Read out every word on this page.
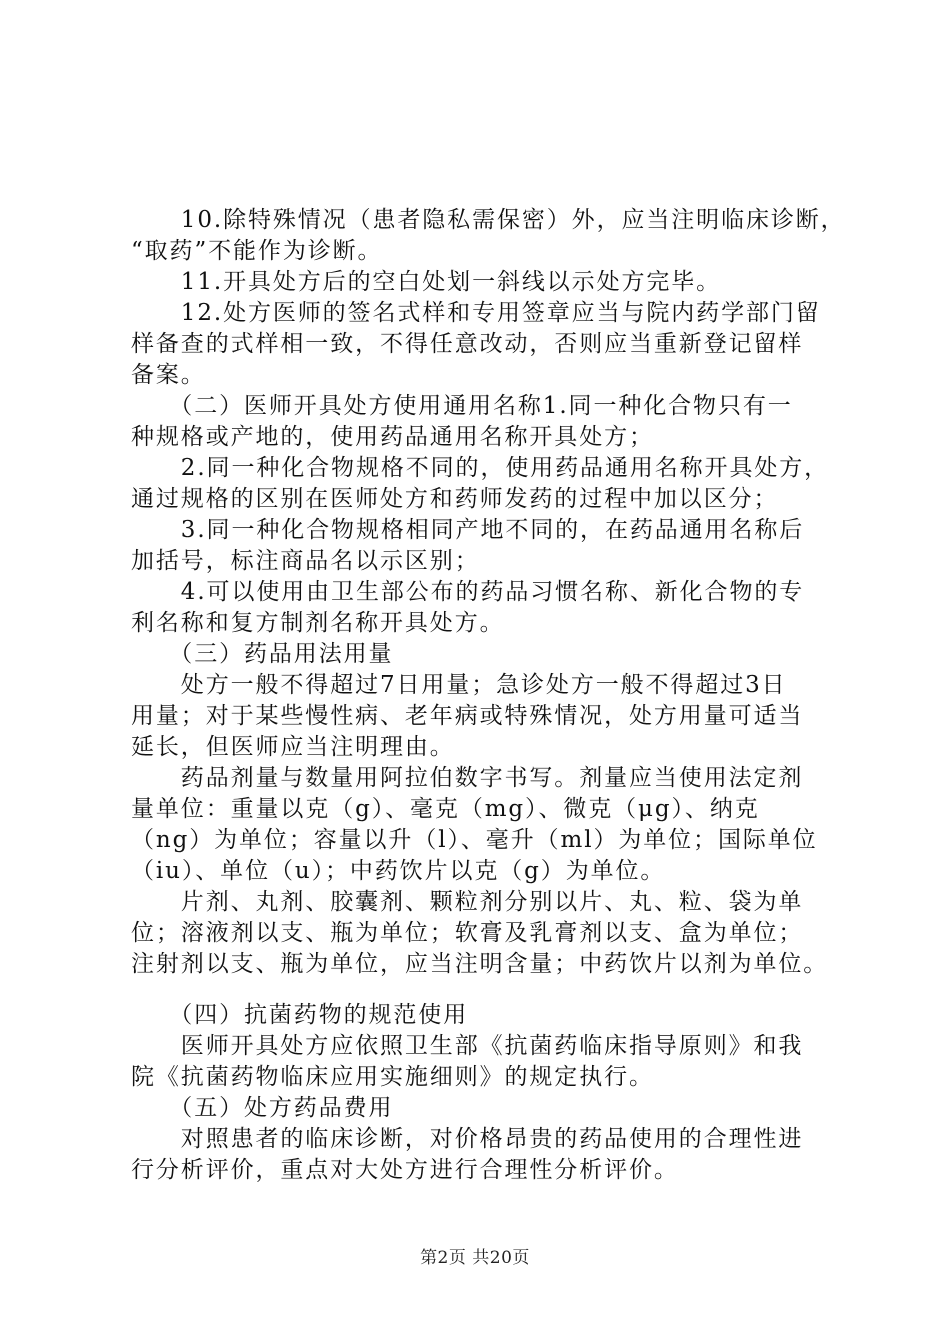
　　10.除特殊情况（患者隐私需保密）外，应当注明临床诊断，
“取药”不能作为诊断。
　　11.开具处方后的空白处划一斜线以示处方完毕。
　　12.处方医师的签名式样和专用签章应当与院内药学部门留
样备查的式样相一致，不得任意改动，否则应当重新登记留样
备案。
　　（二）医师开具处方使用通用名称1.同一种化合物只有一
种规格或产地的，使用药品通用名称开具处方；
　　2.同一种化合物规格不同的，使用药品通用名称开具处方，
通过规格的区别在医师处方和药师发药的过程中加以区分；
　　3.同一种化合物规格相同产地不同的，在药品通用名称后
加括号，标注商品名以示区别；
　　4.可以使用由卫生部公布的药品习惯名称、新化合物的专
利名称和复方制剂名称开具处方。
　　（三）药品用法用量
　　处方一般不得超过7日用量；急诊处方一般不得超过3日
用量；对于某些慢性病、老年病或特殊情况，处方用量可适当
延长，但医师应当注明理由。
　　药品剂量与数量用阿拉伯数字书写。剂量应当使用法定剂
量单位：重量以克（g）、毫克（mg）、微克（μg）、纳克
（ng）为单位；容量以升（l）、毫升（ml）为单位；国际单位
（iu）、单位（u）；中药饮片以克（g）为单位。
　　片剂、丸剂、胶囊剂、颗粒剂分别以片、丸、粒、袋为单
位；溶液剂以支、瓶为单位；软膏及乳膏剂以支、盒为单位；
注射剂以支、瓶为单位，应当注明含量；中药饮片以剂为单位。
　　（四）抗菌药物的规范使用
　　医师开具处方应依照卫生部《抗菌药临床指导原则》和我
院《抗菌药物临床应用实施细则》的规定执行。
　　（五）处方药品费用
　　对照患者的临床诊断，对价格昂贵的药品使用的合理性进
行分析评价，重点对大处方进行合理性分析评价。
第2页 共20页
